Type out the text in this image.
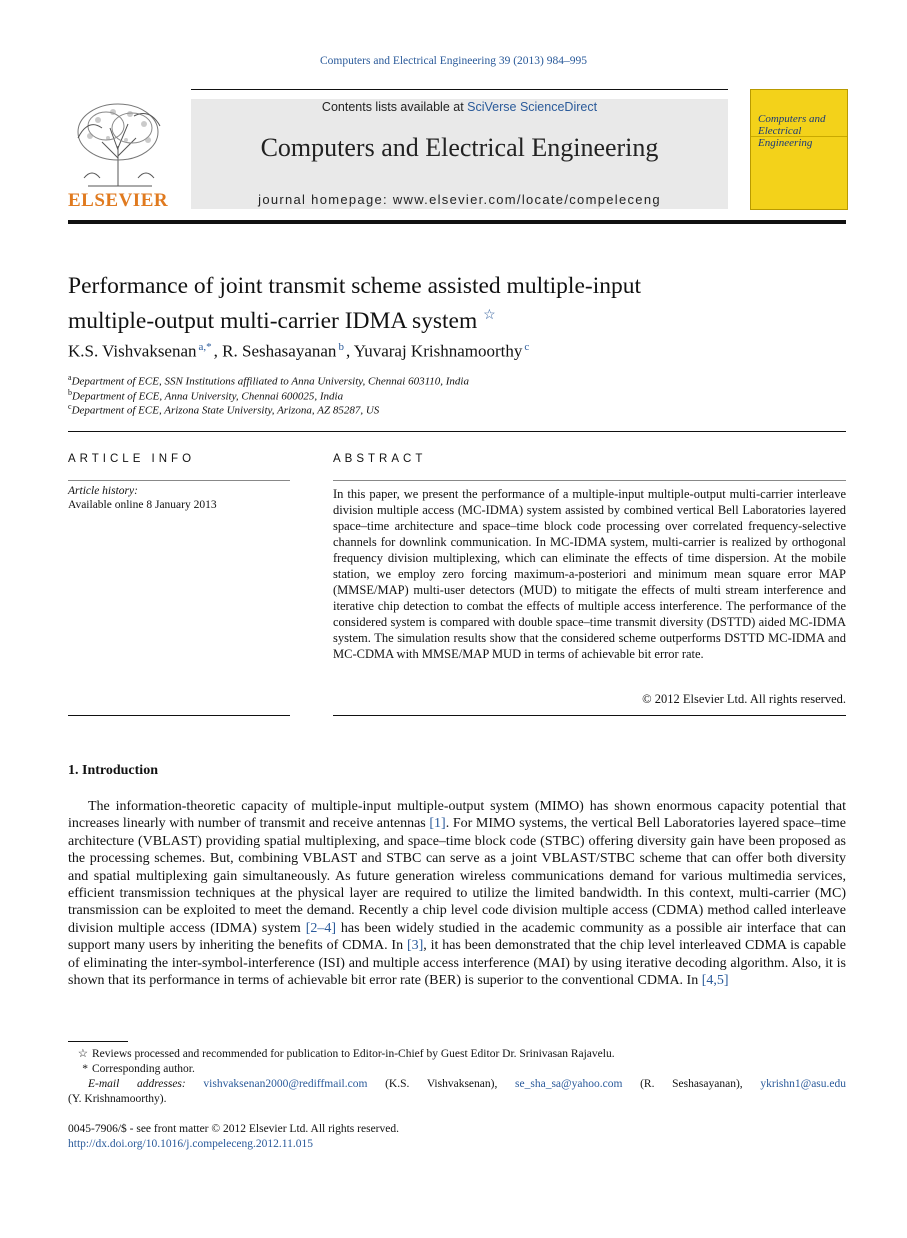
Computers and Electrical Engineering 39 (2013) 984–995
ELSEVIER
Contents lists available at SciVerse ScienceDirect
Computers and Electrical Engineering
journal homepage: www.elsevier.com/locate/compeleceng
Computers and Electrical Engineering
Performance of joint transmit scheme assisted multiple-input
multiple-output multi-carrier IDMA system ☆
K.S. Vishvaksenan $^{a,*}$ , R. Seshasayanan $^b$ , Yuvaraj Krishnamoorthy $^c$
$^a$Department of ECE, SSN Institutions affiliated to Anna University, Chennai 603110, India
$^b$Department of ECE, Anna University, Chennai 600025, India
$^c$Department of ECE, Arizona State University, Arizona, AZ 85287, US
ARTICLE INFO
Article history:
Available online 8 January 2013
ABSTRACT
In this paper, we present the performance of a multiple-input multiple-output multi-carrier interleave division multiple access (MC-IDMA) system assisted by combined vertical Bell Laboratories layered space–time architecture and space–time block code processing over correlated frequency-selective channels for downlink communication. In MC-IDMA system, multi-carrier is realized by orthogonal frequency division multiplexing, which can eliminate the effects of time dispersion. At the mobile station, we employ zero forcing maximum-a-posteriori and minimum mean square error MAP (MMSE/MAP) multi-user detectors (MUD) to mitigate the effects of multi stream interference and iterative chip detection to combat the effects of multiple access interference. The performance of the considered system is compared with double space–time transmit diversity (DSTTD) aided MC-IDMA system. The simulation results show that the considered scheme outperforms DSTTD MC-IDMA and MC-CDMA with MMSE/MAP MUD in terms of achievable bit error rate.
© 2012 Elsevier Ltd. All rights reserved.
1. Introduction
The information-theoretic capacity of multiple-input multiple-output system (MIMO) has shown enormous capacity potential that increases linearly with number of transmit and receive antennas [1]. For MIMO systems, the vertical Bell Laboratories layered space–time architecture (VBLAST) providing spatial multiplexing, and space–time block code (STBC) offering diversity gain have been proposed as the processing schemes. But, combining VBLAST and STBC can serve as a joint VBLAST/STBC scheme that can offer both diversity and spatial multiplexing gain simultaneously. As future generation wireless communications demand for various multimedia services, efficient transmission techniques at the physical layer are required to utilize the limited bandwidth. In this context, multi-carrier (MC) transmission can be exploited to meet the demand. Recently a chip level code division multiple access (CDMA) method called interleave division multiple access (IDMA) system [2–4] has been widely studied in the academic community as a possible air interface that can support many users by inheriting the benefits of CDMA. In [3], it has been demonstrated that the chip level interleaved CDMA is capable of eliminating the inter-symbol-interference (ISI) and multiple access interference (MAI) by using iterative decoding algorithm. Also, it is shown that its performance in terms of achievable bit error rate (BER) is superior to the conventional CDMA. In [4,5]
☆ Reviews processed and recommended for publication to Editor-in-Chief by Guest Editor Dr. Srinivasan Rajavelu.
* Corresponding author.
E-mail addresses: vishvaksenan2000@rediffmail.com (K.S. Vishvaksenan), se_sha_sa@yahoo.com (R. Seshasayanan), ykrishn1@asu.edu
(Y. Krishnamoorthy).
0045-7906/$ - see front matter © 2012 Elsevier Ltd. All rights reserved.
http://dx.doi.org/10.1016/j.compeleceng.2012.11.015
